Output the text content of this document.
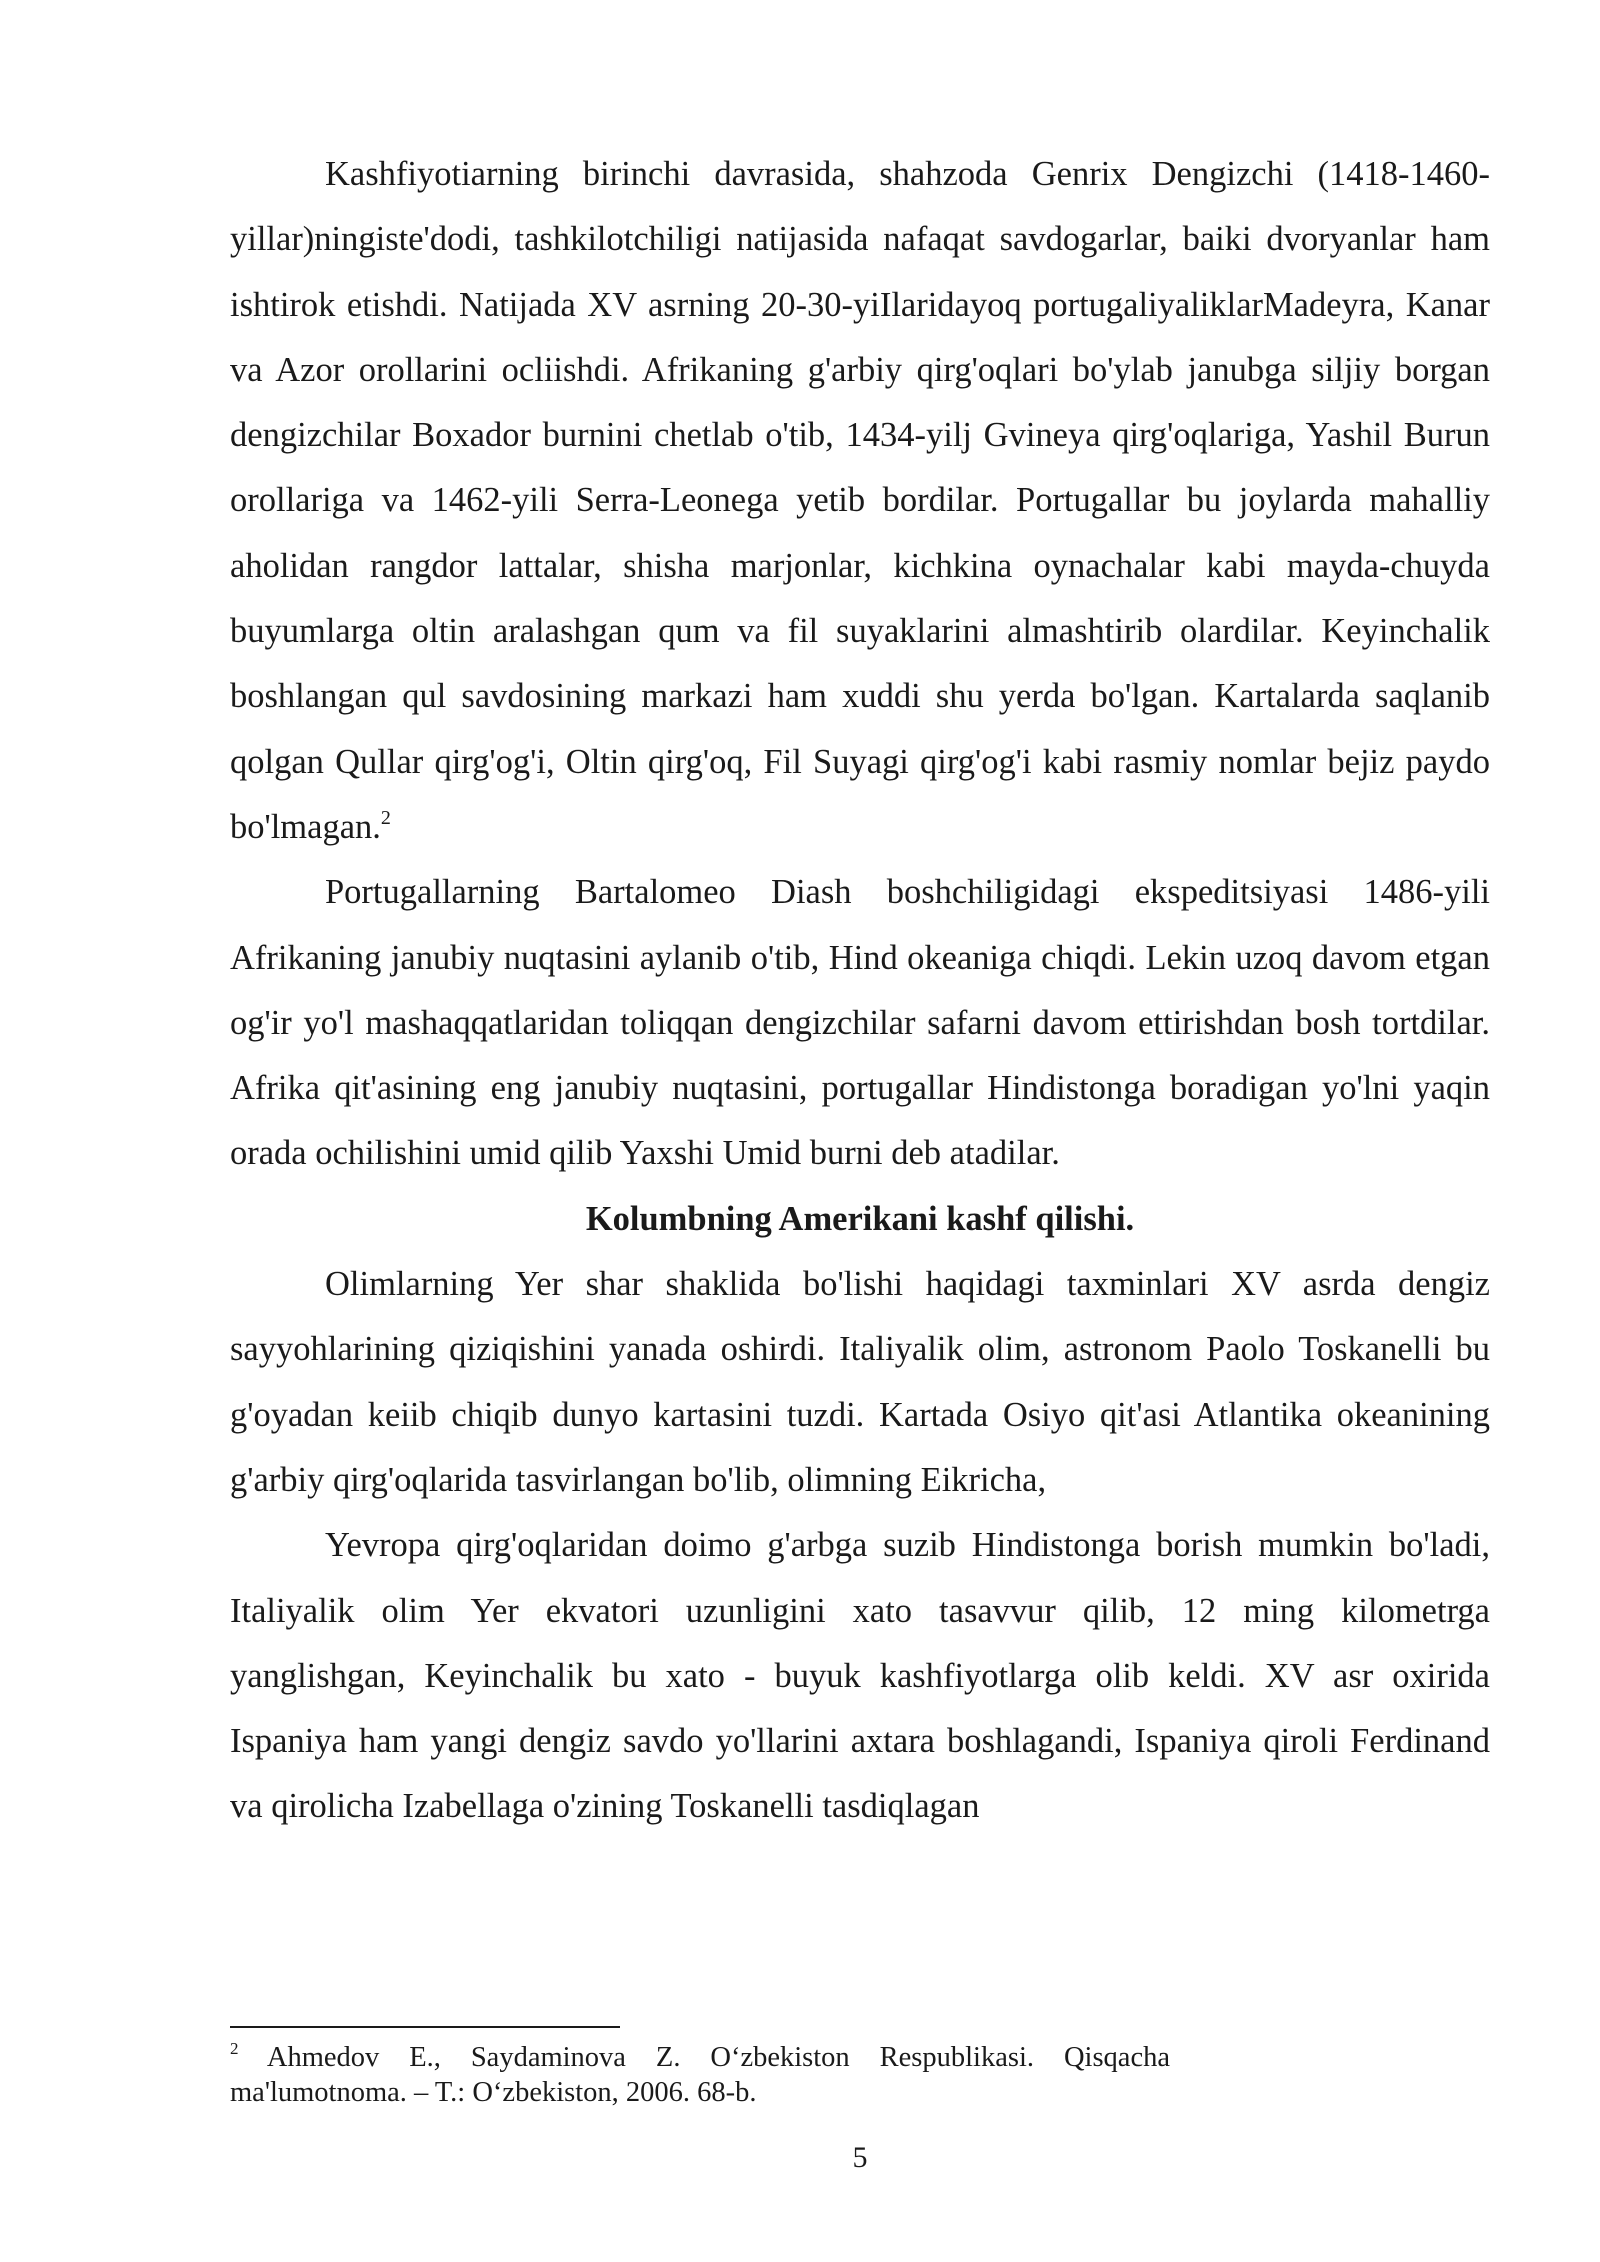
Kashfiyotiarning birinchi davrasida, shahzoda Genrix Dengizchi (1418-1460-yillar)ningiste'dodi, tashkilotchiligi natijasida nafaqat savdogarlar, baiki dvoryanlar ham ishtirok etishdi. Natijada XV asrning 20-30-yiIlaridayoq portugaliyaliklarMadeyra, Kanar va Azor orollarini ocliishdi. Afrikaning g'arbiy qirg'oqlari bo'ylab janubga siljiy borgan dengizchilar Boxador burnini chetlab o'tib, 1434-yilj Gvineya qirg'oqlariga, Yashil Burun orollariga va 1462-yili Serra-Leonega yetib bordilar. Portugallar bu joylarda mahalliy aholidan rangdor lattalar, shisha marjonlar, kichkina oynachalar kabi mayda-chuyda buyumlarga oltin aralashgan qum va fil suyaklarini almashtirib olardilar. Keyinchalik boshlangan qul savdosining markazi ham xuddi shu yerda bo'lgan. Kartalarda saqlanib qolgan Qullar qirg'og'i, Oltin qirg'oq, Fil Suyagi qirg'og'i kabi rasmiy nomlar bejiz paydo bo'lmagan.$^2$

Portugallarning Bartalomeo Diash boshchiligidagi ekspeditsiyasi 1486-yili Afrikaning janubiy nuqtasini aylanib o'tib, Hind okeaniga chiqdi. Lekin uzoq davom etgan og'ir yo'l mashaqqatlaridan toliqqan dengizchilar safarni davom ettirishdan bosh tortdilar. Afrika qit'asining eng janubiy nuqtasini, portugallar Hindistonga boradigan yo'lni yaqin orada ochilishini umid qilib Yaxshi Umid burni deb atadilar.

Kolumbning Amerikani kashf qilishi.

Olimlarning Yer shar shaklida bo'lishi haqidagi taxminlari XV asrda dengiz sayyohlarining qiziqishini yanada oshirdi. Italiyalik olim, astronom Paolo Toskanelli bu g'oyadan keiib chiqib dunyo kartasini tuzdi. Kartada Osiyo qit'asi Atlantika okeanining g'arbiy qirg'oqlarida tasvirlangan bo'lib, olimning Eikricha,

Yevropa qirg'oqlaridan doimo g'arbga suzib Hindistonga borish mumkin bo'ladi, Italiyalik olim Yer ekvatori uzunligini xato tasavvur qilib, 12 ming kilometrga yanglishgan, Keyinchalik bu xato - buyuk kashfiyotlarga olib keldi. XV asr oxirida Ispaniya ham yangi dengiz savdo yo'llarini axtara boshlagandi, Ispaniya qiroli Ferdinand va qirolicha Izabellaga o'zining Toskanelli tasdiqlagan

$^2$ Ahmedov E., Saydaminova Z. O‘zbekiston Respublikasi. Qisqacha ma'lumotnoma. – T.: O‘zbekiston, 2006. 68-b.

5
